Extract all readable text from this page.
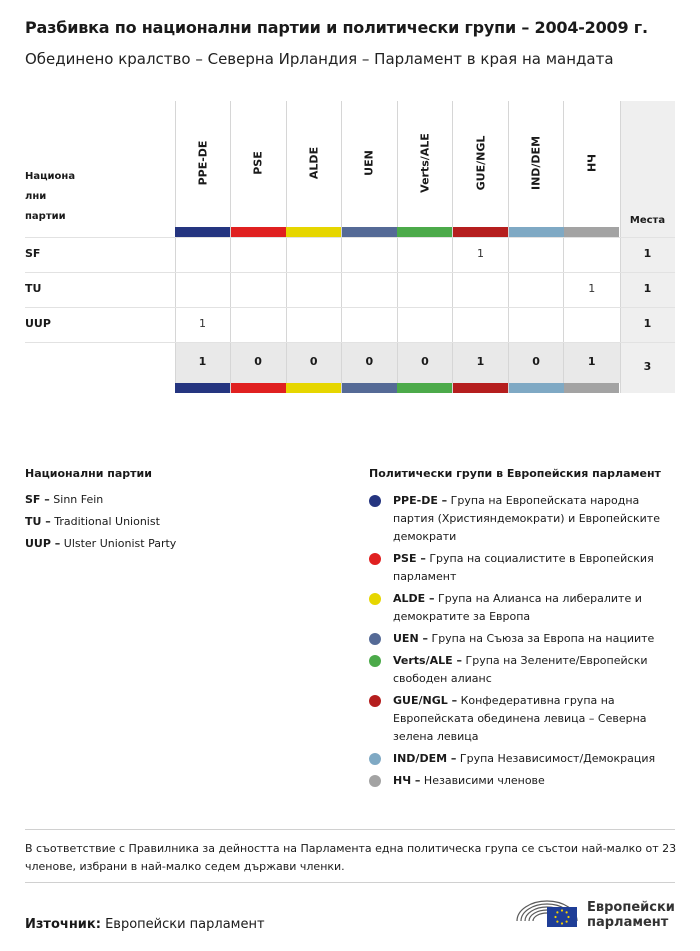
Разбивка по национални партии и политически групи – 2004-2009 г.
Обединено кралство – Северна Ирландия – Парламент в края на мандата
Национа
лни
партии	Места
1
1
1
3
SF
TU
UUP
PPE-DE
1
1
PSE
0
ALDE
0
UEN
0
Verts/ALE
0
GUE/NGL
1
1
IND/DEM
0
НЧ
1
1
Национални партии
SF – Sinn Fein
TU – Traditional Unionist
UUP – Ulster Unionist Party
Политически групи в Европейския парламент
PPE-DE – Група на Европейската народна партия (Християндемократи) и Европейските демократи
PSE – Група на социалистите в Европейския парламент
ALDE – Група на Алианса на либералите и демократите за Европа
UEN – Група на Съюза за Европа на нациите
Verts/ALE – Група на Зелените/Европейски свободен алианс
GUE/NGL – Конфедеративна група на Европейската обединена левица – Северна зелена левица
IND/DEM – Група Независимост/Демокрация
НЧ – Независими членове
В съответствие с Правилника за дейността на Парламента една политическа група се състои най-малко от 23 членове, избрани в най-малко седем държави членки.
Източник: Европейски парламент
Европейски
парламент
